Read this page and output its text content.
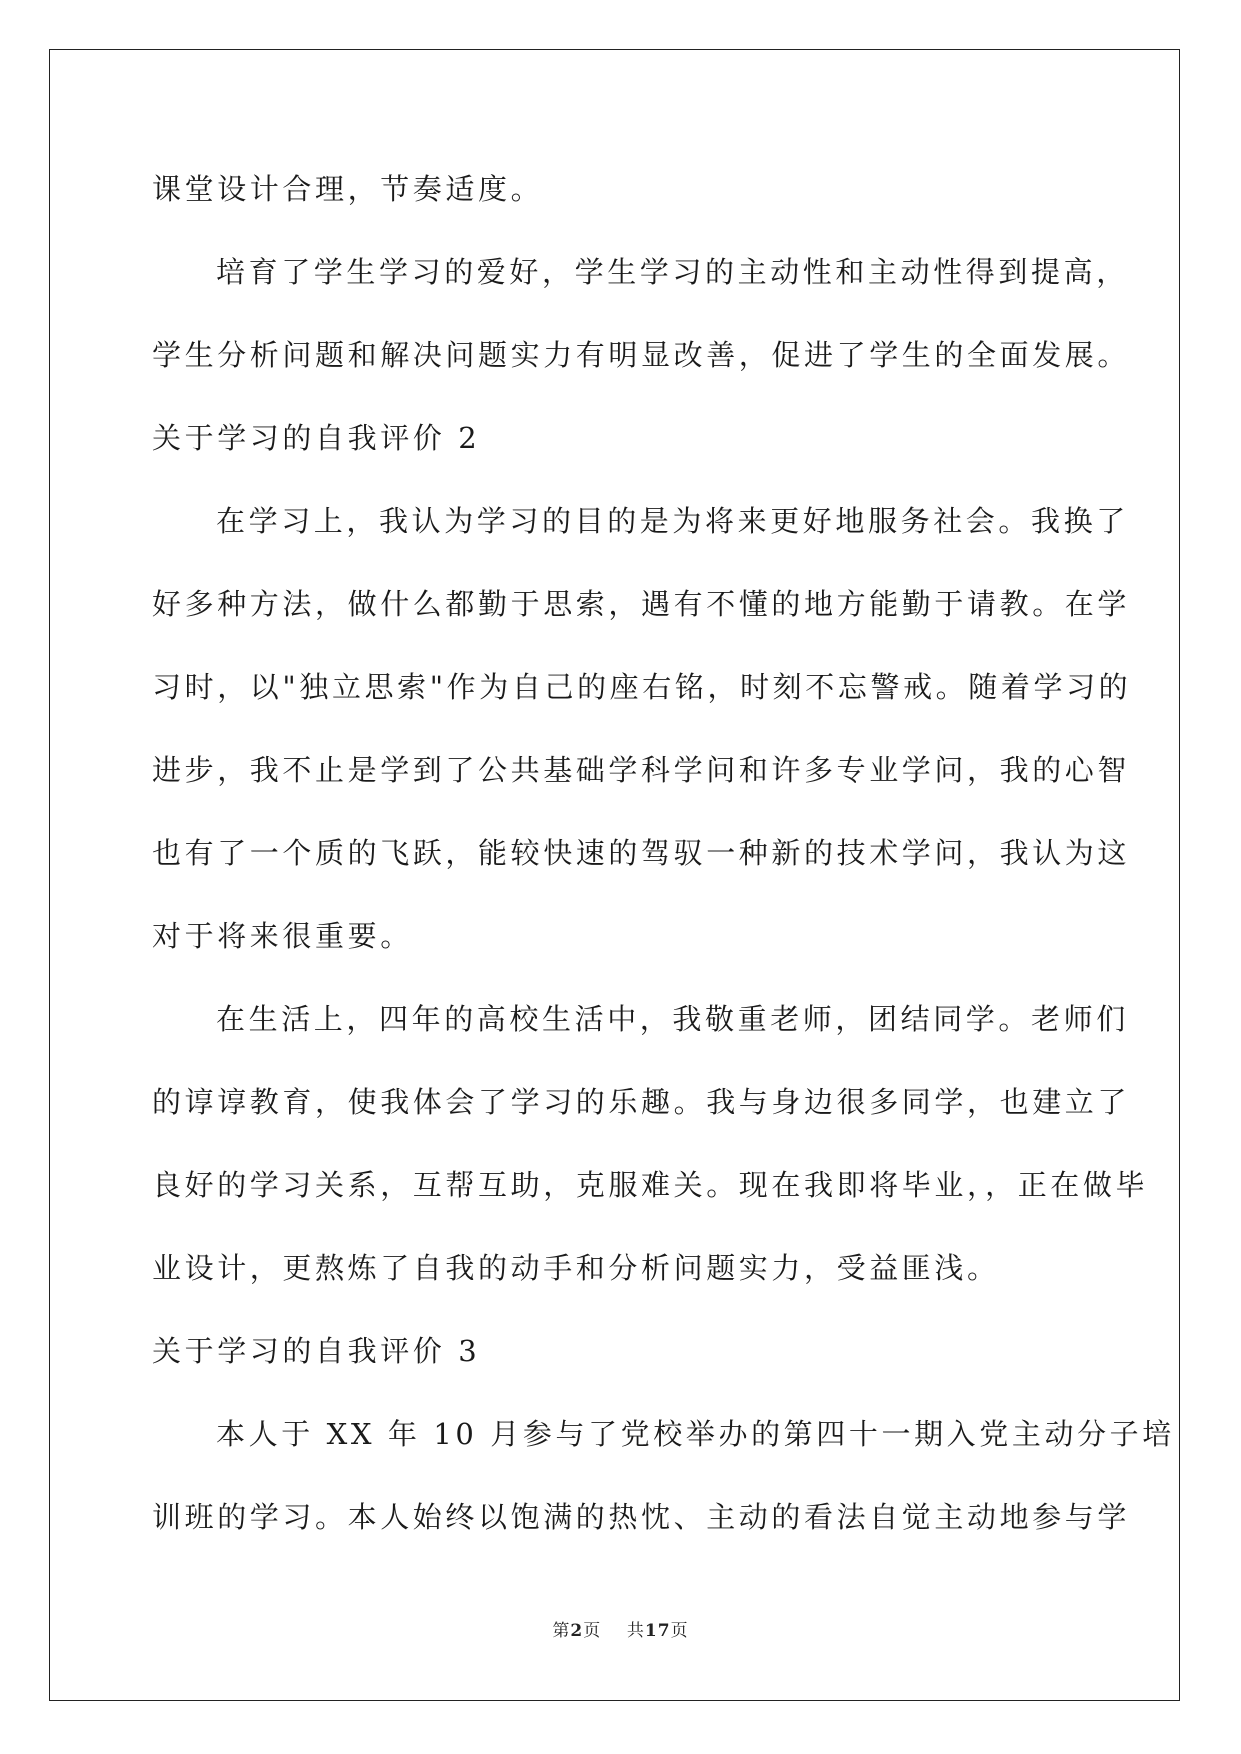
课堂设计合理，节奏适度。
培育了学生学习的爱好，学生学习的主动性和主动性得到提高，
学生分析问题和解决问题实力有明显改善，促进了学生的全面发展。
关于学习的自我评价 2
在学习上，我认为学习的目的是为将来更好地服务社会。我换了
好多种方法，做什么都勤于思索，遇有不懂的地方能勤于请教。在学
习时，以"独立思索"作为自己的座右铭，时刻不忘警戒。随着学习的
进步，我不止是学到了公共基础学科学问和许多专业学问，我的心智
也有了一个质的飞跃，能较快速的驾驭一种新的技术学问，我认为这
对于将来很重要。
在生活上，四年的高校生活中，我敬重老师，团结同学。老师们
的谆谆教育，使我体会了学习的乐趣。我与身边很多同学，也建立了
良好的学习关系，互帮互助，克服难关。现在我即将毕业，，正在做毕
业设计，更熬炼了自我的动手和分析问题实力，受益匪浅。
关于学习的自我评价 3
本人于 XX 年 10 月参与了党校举办的第四十一期入党主动分子培
训班的学习。本人始终以饱满的热忱、主动的看法自觉主动地参与学
第2页 共17页
